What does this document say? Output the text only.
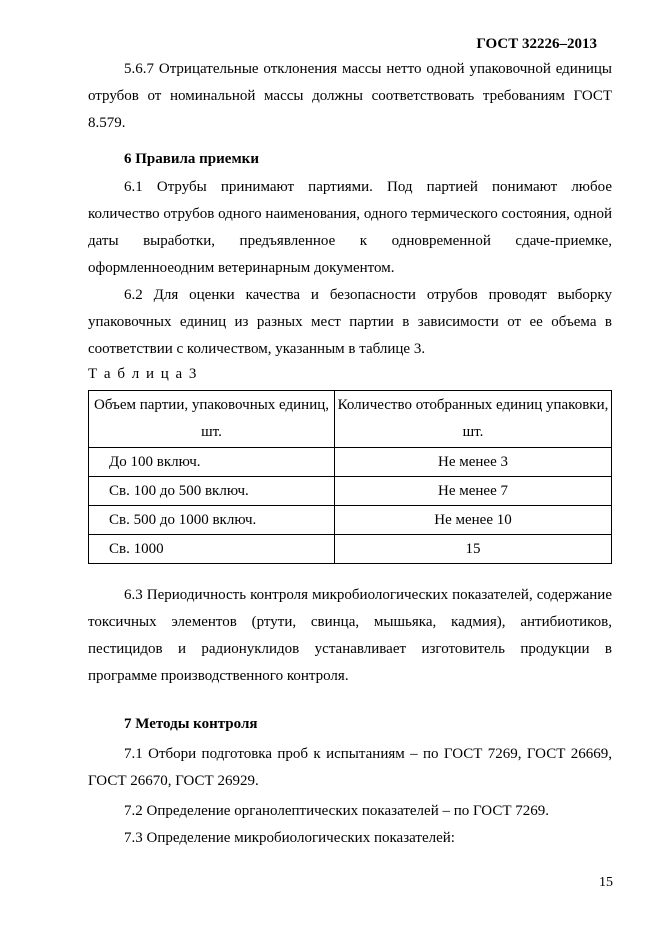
ГОСТ 32226–2013

5.6.7 Отрицательные отклонения массы нетто одной упаковочной единицы отрубов от номинальной массы должны соответствовать требованиям ГОСТ 8.579.

6 Правила приемки

6.1 Отрубы принимают партиями. Под партией понимают любое количество отрубов одного наименования, одного термического состояния, одной даты выработки, предъявленное к одновременной сдаче-приемке, оформленноеодним ветеринарным документом.

6.2 Для оценки качества и безопасности отрубов проводят выборку упаковочных единиц из разных мест партии в зависимости от ее объема в соответствии с количеством, указанным в таблице 3.

Т а б л и ц а 3
Объем партии, упаковочных единиц, шт.	Количество отобранных единиц упаковки, шт.
До 100 включ.	Не менее 3
Св. 100 до 500 включ.	Не менее 7
Св. 500 до 1000 включ.	Не менее 10
Св. 1000	15

6.3 Периодичность контроля микробиологических показателей, содержание токсичных элементов (ртути, свинца, мышьяка, кадмия), антибиотиков, пестицидов и радионуклидов устанавливает изготовитель продукции в программе производственного контроля.

7 Методы контроля

7.1 Отбори подготовка проб к испытаниям – по ГОСТ 7269, ГОСТ 26669, ГОСТ 26670, ГОСТ 26929.

7.2 Определение органолептических показателей – по ГОСТ 7269.

7.3 Определение микробиологических показателей:

15
